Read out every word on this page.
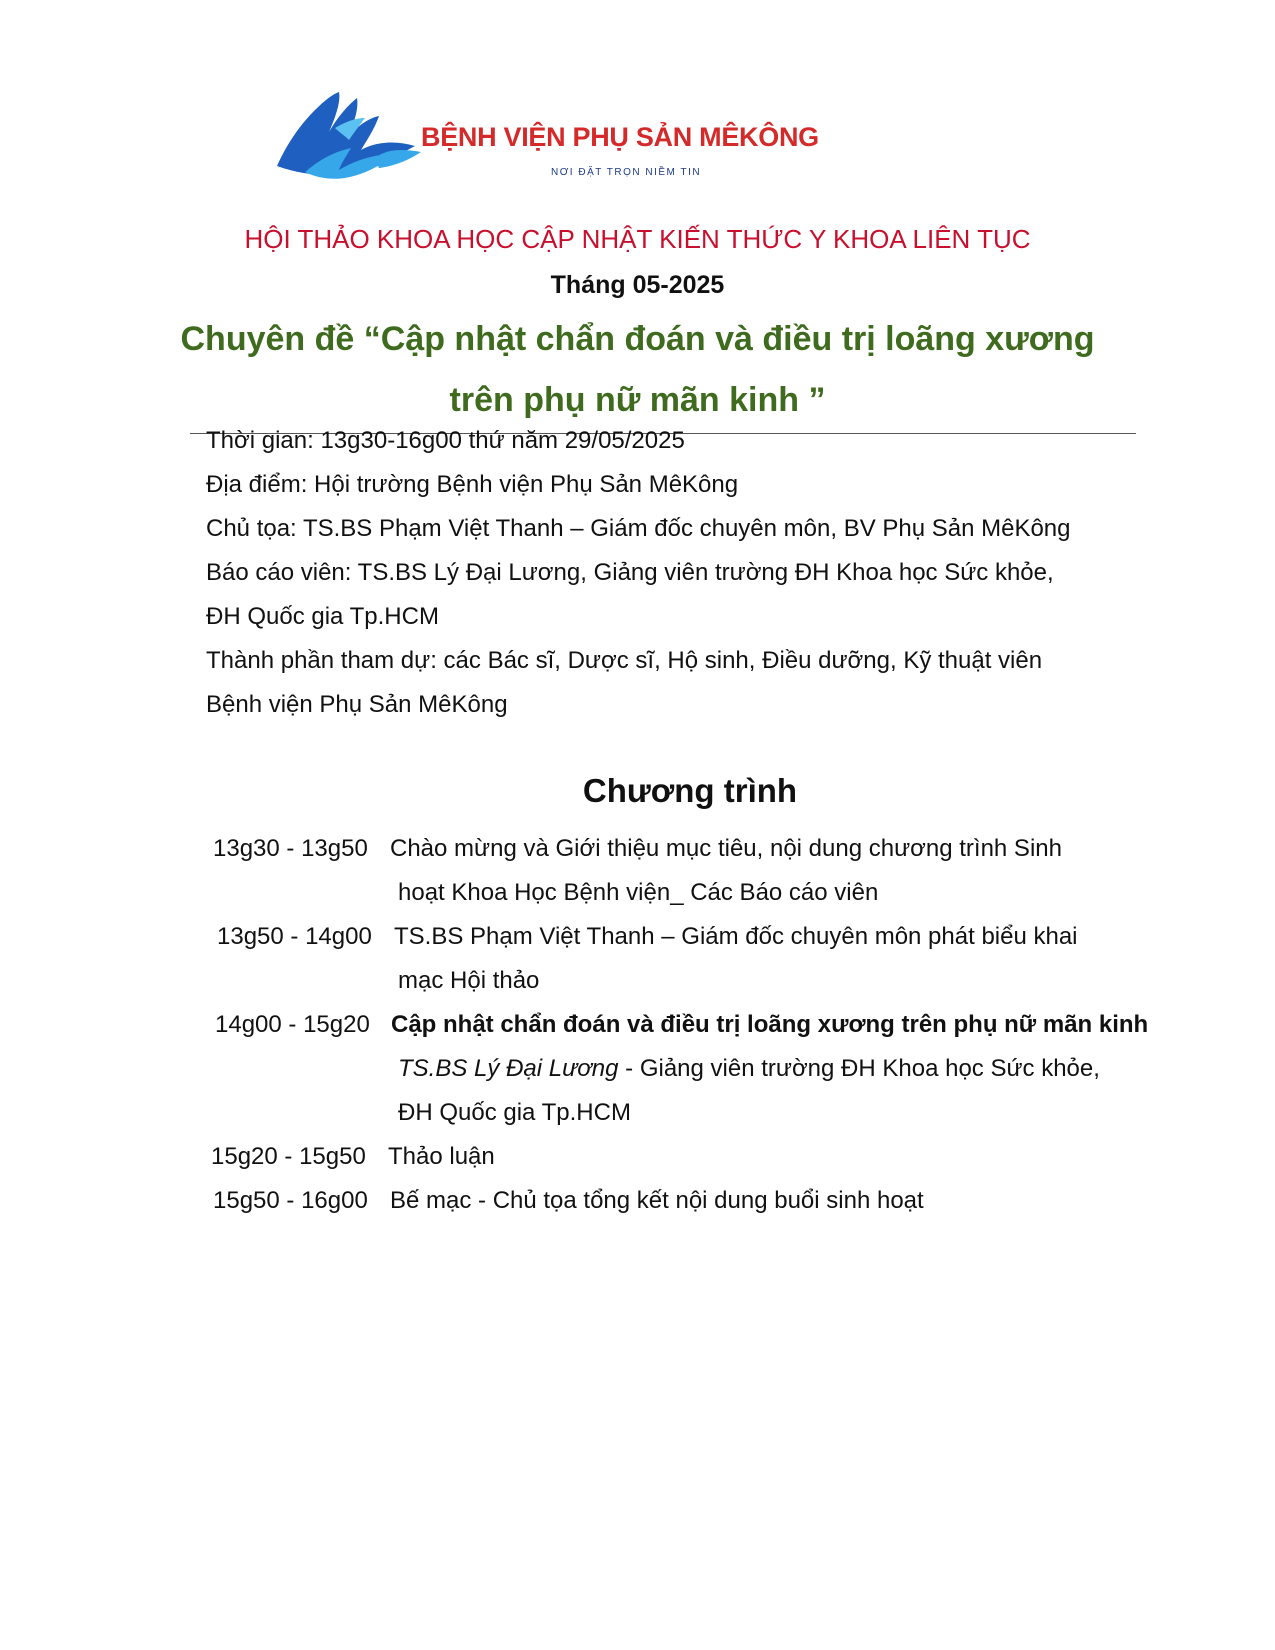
BỆNH VIỆN PHỤ SẢN MÊKÔNG
NƠI ĐẶT TRỌN NIỀM TIN
HỘI THẢO KHOA HỌC CẬP NHẬT KIẾN THỨC Y KHOA LIÊN TỤC
Tháng 05-2025
Chuyên đề “Cập nhật chẩn đoán và điều trị loãng xương
trên phụ nữ mãn kinh ”
Thời gian: 13g30-16g00 thứ năm 29/05/2025
Địa điểm: Hội trường Bệnh viện Phụ Sản MêKông
Chủ tọa: TS.BS Phạm Việt Thanh – Giám đốc chuyên môn, BV Phụ Sản MêKông
Báo cáo viên: TS.BS Lý Đại Lương, Giảng viên trường ĐH Khoa học Sức khỏe,
ĐH Quốc gia Tp.HCM
Thành phần tham dự: các Bác sĩ, Dược sĩ, Hộ sinh, Điều dưỡng, Kỹ thuật viên
Bệnh viện Phụ Sản MêKông
Chương trình
13g30 - 13g50 Chào mừng và Giới thiệu mục tiêu, nội dung chương trình Sinh
hoạt Khoa Học Bệnh viện_ Các Báo cáo viên
13g50 - 14g00 TS.BS Phạm Việt Thanh – Giám đốc chuyên môn phát biểu khai
mạc Hội thảo
14g00 - 15g20 Cập nhật chẩn đoán và điều trị loãng xương trên phụ nữ mãn kinh
TS.BS Lý Đại Lương - Giảng viên trường ĐH Khoa học Sức khỏe,
ĐH Quốc gia Tp.HCM
15g20 - 15g50 Thảo luận
15g50 - 16g00 Bế mạc - Chủ tọa tổng kết nội dung buổi sinh hoạt
